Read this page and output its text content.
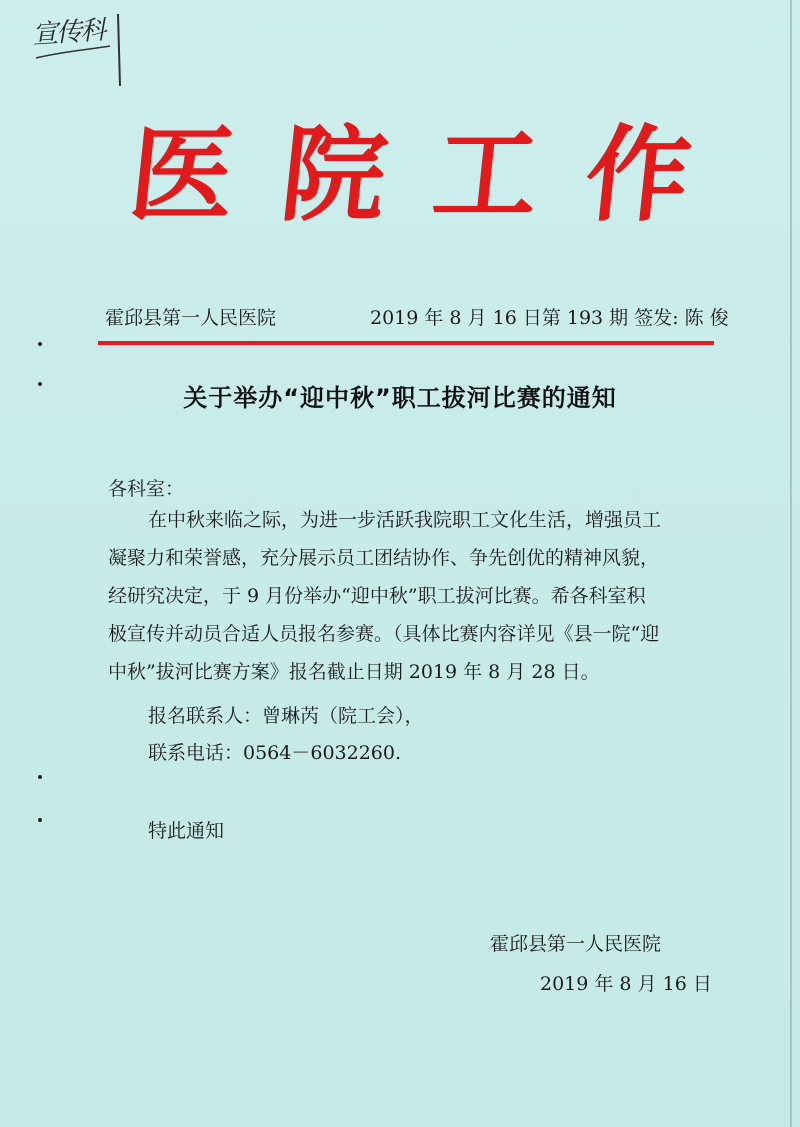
宣传科
医 院 工 作
霍邱县第一人民医院	2019 年 8 月 16 日第 193 期 签发: 陈 俊
关于举办“迎中秋”职工拔河比赛的通知
各科室：
在中秋来临之际，为进一步活跃我院职工文化生活，增强员工
凝聚力和荣誉感，充分展示员工团结协作、争先创优的精神风貌，
经研究决定，于 9 月份举办“迎中秋”职工拔河比赛。希各科室积
极宣传并动员合适人员报名参赛。（具体比赛内容详见《县一院“迎
中秋”拔河比赛方案》报名截止日期 2019 年 8 月 28 日。
报名联系人：曾琳芮（院工会），
联系电话：0564－6032260.
特此通知
霍邱县第一人民医院
2019 年 8 月 16 日
